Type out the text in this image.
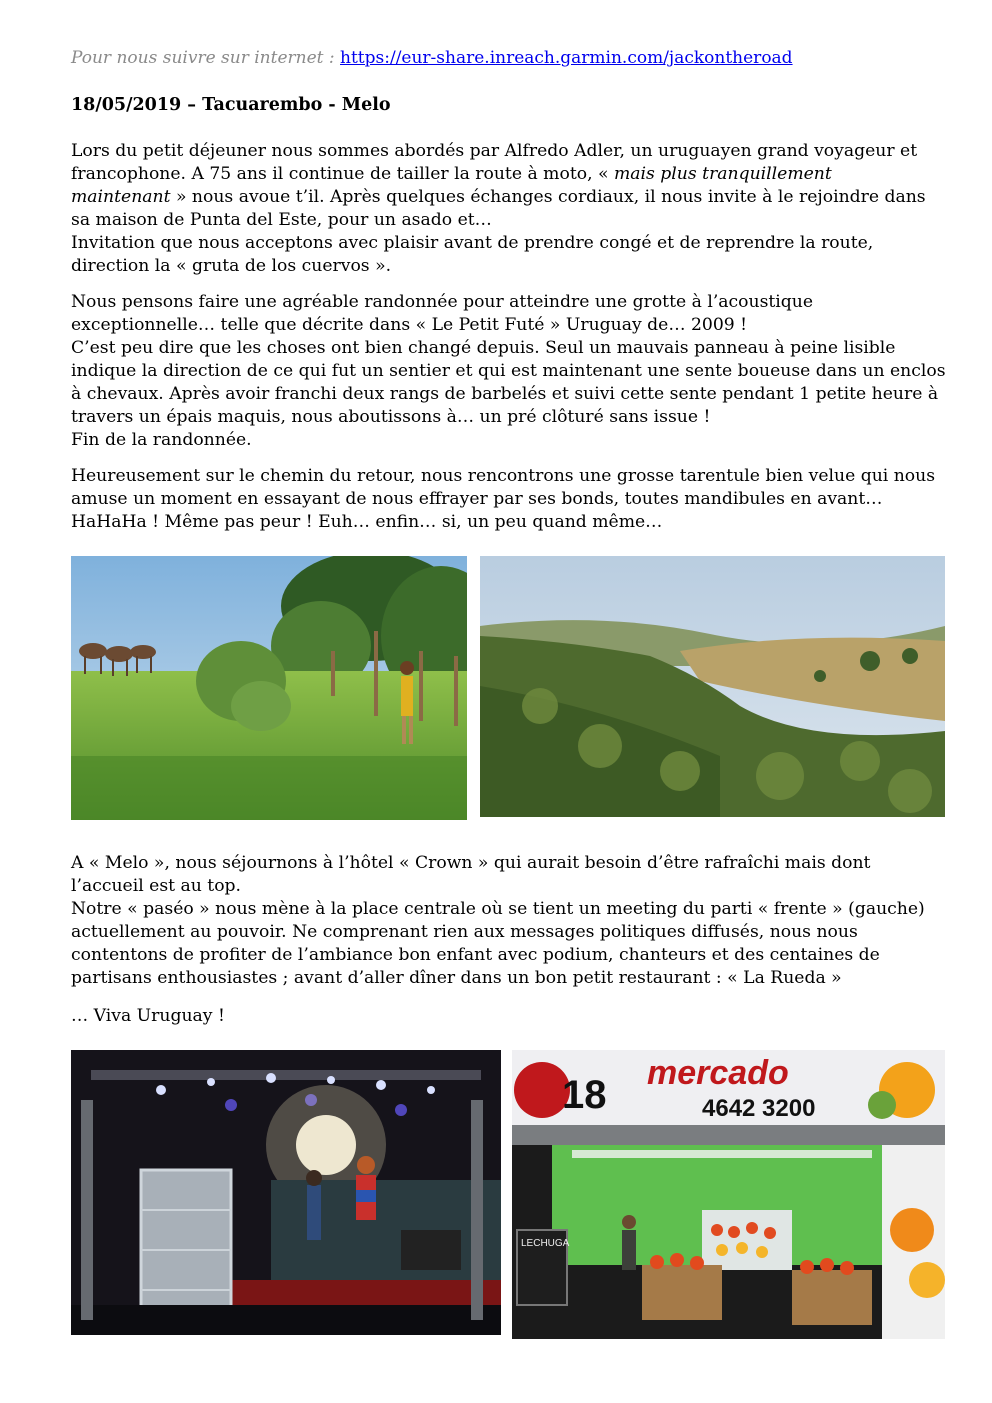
Pour nous suivre sur internet : https://eur-share.inreach.garmin.com/jackontheroad
18/05/2019 – Tacuarembo - Melo

Lors du petit déjeuner nous sommes abordés par Alfredo Adler, un uruguayen grand voyageur et
francophone. A 75 ans il continue de tailler la route à moto, « mais plus tranquillement
maintenant » nous avoue t’il. Après quelques échanges cordiaux, il nous invite à le rejoindre dans
sa maison de Punta del Este, pour un asado et…
Invitation que nous acceptons avec plaisir avant de prendre congé et de reprendre la route,
direction la « gruta de los cuervos ».

Nous pensons faire une agréable randonnée pour atteindre une grotte à l’acoustique
exceptionnelle… telle que décrite dans « Le Petit Futé » Uruguay de… 2009 !
C’est peu dire que les choses ont bien changé depuis. Seul un mauvais panneau à peine lisible
indique la direction de ce qui fut un sentier et qui est maintenant une sente boueuse dans un enclos
à chevaux. Après avoir franchi deux rangs de barbelés et suivi cette sente pendant 1 petite heure à
travers un épais maquis, nous aboutissons à… un pré clôturé sans issue !
Fin de la randonnée.

Heureusement sur le chemin du retour, nous rencontrons une grosse tarentule bien velue qui nous
amuse un moment en essayant de nous effrayer par ses bonds, toutes mandibules en avant…
HaHaHa ! Même pas peur ! Euh… enfin… si, un peu quand même…

A « Melo », nous séjournons à l’hôtel « Crown » qui aurait besoin d’être rafraîchi mais dont
l’accueil est au top.
Notre « paséo » nous mène à la place centrale où se tient un meeting du parti « frente » (gauche)
actuellement au pouvoir. Ne comprenant rien aux messages politiques diffusés, nous nous
contentons de profiter de l’ambiance bon enfant avec podium, chanteurs et des centaines de
partisans enthousiastes ; avant d’aller dîner dans un bon petit restaurant : « La Rueda »

… Viva Uruguay !

18 mercado
4642 3200
LECHUGA
